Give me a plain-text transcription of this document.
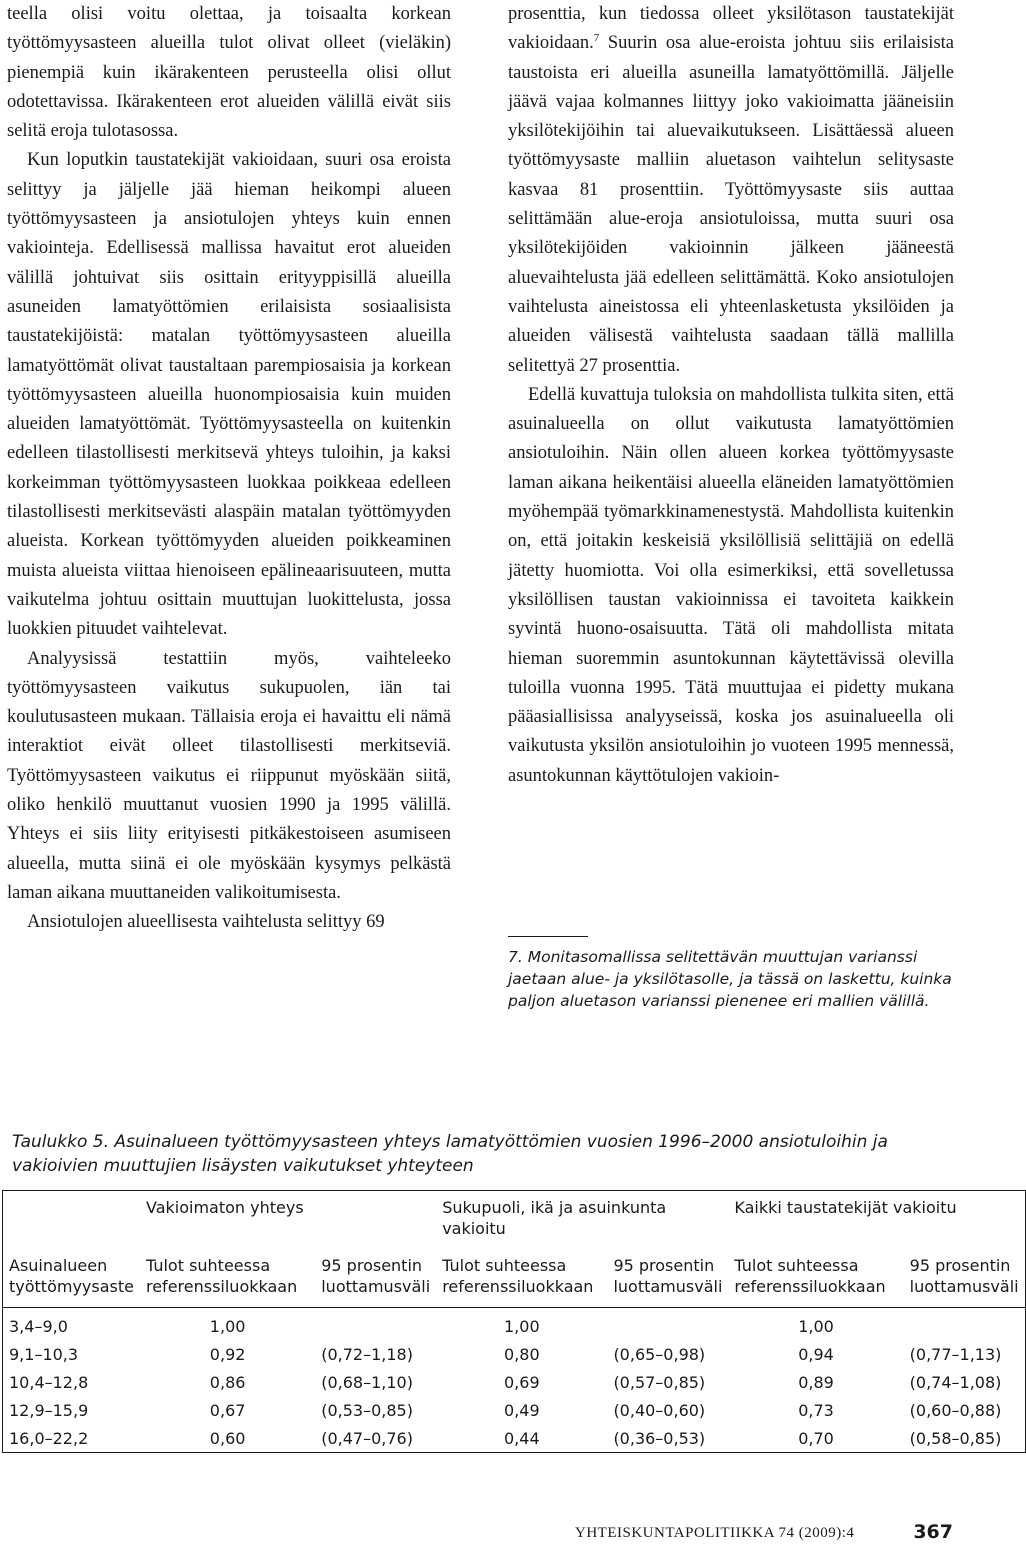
teella olisi voitu olettaa, ja toisaalta korkean työttömyysasteen alueilla tulot olivat olleet (vieläkin) pienempiä kuin ikärakenteen perusteella olisi ollut odotettavissa. Ikärakenteen erot alueiden välillä eivät siis selitä eroja tulotasossa.

Kun loputkin taustatekijät vakioidaan, suuri osa eroista selittyy ja jäljelle jää hieman heikompi alueen työttömyysasteen ja ansiotulojen yhteys kuin ennen vakiointeja. Edellisessä mallissa havaitut erot alueiden välillä johtuivat siis osittain erityyppisillä alueilla asuneiden lamatyöttömien erilaisista sosiaalisista taustatekijöistä: matalan työttömyysasteen alueilla lamatyöttömät olivat taustaltaan parempiosaisia ja korkean työttömyysasteen alueilla huonompiosaisia kuin muiden alueiden lamatyöttömät. Työttömyysasteella on kuitenkin edelleen tilastollisesti merkitsevä yhteys tuloihin, ja kaksi korkeimman työttömyysasteen luokkaa poikkeaa edelleen tilastollisesti merkitsevästi alaspäin matalan työttömyyden alueista. Korkean työttömyyden alueiden poikkeaminen muista alueista viittaa hienoiseen epälineaarisuuteen, mutta vaikutelma johtuu osittain muuttujan luokittelusta, jossa luokkien pituudet vaihtelevat.

Analyysissä testattiin myös, vaihteleeko työttömyysasteen vaikutus sukupuolen, iän tai koulutusasteen mukaan. Tällaisia eroja ei havaittu eli nämä interaktiot eivät olleet tilastollisesti merkitseviä. Työttömyysasteen vaikutus ei riippunut myöskään siitä, oliko henkilö muuttanut vuosien 1990 ja 1995 välillä. Yhteys ei siis liity erityisesti pitkäkestoiseen asumiseen alueella, mutta siinä ei ole myöskään kysymys pelkästä laman aikana muuttaneiden valikoitumisesta.

Ansiotulojen alueellisesta vaihtelusta selittyy 69

prosenttia, kun tiedossa olleet yksilötason taustatekijät vakioidaan.$^7$ Suurin osa alue-eroista johtuu siis erilaisista taustoista eri alueilla asuneilla lamatyöttömillä. Jäljelle jäävä vajaa kolmannes liittyy joko vakioimatta jääneisiin yksilötekijöihin tai aluevaikutukseen. Lisättäessä alueen työttömyysaste malliin aluetason vaihtelun selitysaste kasvaa 81 prosenttiin. Työttömyysaste siis auttaa selittämään alue-eroja ansiotuloissa, mutta suuri osa yksilötekijöiden vakioinnin jälkeen jääneestä aluevaihtelusta jää edelleen selittämättä. Koko ansiotulojen vaihtelusta aineistossa eli yhteenlasketusta yksilöiden ja alueiden välisestä vaihtelusta saadaan tällä mallilla selitettyä 27 prosenttia.

Edellä kuvattuja tuloksia on mahdollista tulkita siten, että asuinalueella on ollut vaikutusta lamatyöttömien ansiotuloihin. Näin ollen alueen korkea työttömyysaste laman aikana heikentäisi alueella eläneiden lamatyöttömien myöhempää työmarkkinamenestystä. Mahdollista kuitenkin on, että joitakin keskeisiä yksilöllisiä selittäjiä on edellä jätetty huomiotta. Voi olla esimerkiksi, että sovelletussa yksilöllisen taustan vakioinnissa ei tavoiteta kaikkein syvintä huono-osaisuutta. Tätä oli mahdollista mitata hieman suoremmin asuntokunnan käytettävissä olevilla tuloilla vuonna 1995. Tätä muuttujaa ei pidetty mukana pääasiallisissa analyyseissä, koska jos asuinalueella oli vaikutusta yksilön ansiotuloihin jo vuoteen 1995 mennessä, asuntokunnan käyttötulojen vakioin-

7. Monitasomallissa selitettävän muuttujan varianssi jaetaan alue- ja yksilötasolle, ja tässä on laskettu, kuinka paljon aluetason varianssi pienenee eri mallien välillä.
Taulukko 5. Asuinalueen työttömyysasteen yhteys lamatyöttömien vuosien 1996–2000 ansiotuloihin ja vakioivien muuttujien lisäysten vaikutukset yhteyteen
	Vakioimaton yhteys		Sukupuoli, ikä ja asuinkunta vakioitu		Kaikki taustatekijät vakioitu	
Asuinalueen työttömyysaste	Tulot suhteessa referenssiluokkaan	95 prosentin luottamusväli	Tulot suhteessa referenssiluokkaan	95 prosentin luottamusväli	Tulot suhteessa referenssiluokkaan	95 prosentin luottamusväli
3,4–9,0	1,00		1,00		1,00	
9,1–10,3	0,92	(0,72–1,18)	0,80	(0,65–0,98)	0,94	(0,77–1,13)
10,4–12,8	0,86	(0,68–1,10)	0,69	(0,57–0,85)	0,89	(0,74–1,08)
12,9–15,9	0,67	(0,53–0,85)	0,49	(0,40–0,60)	0,73	(0,60–0,88)
16,0–22,2	0,60	(0,47–0,76)	0,44	(0,36–0,53)	0,70	(0,58–0,85)
YHTEISKUNTAPOLITIIKKA 74 (2009):4	367
